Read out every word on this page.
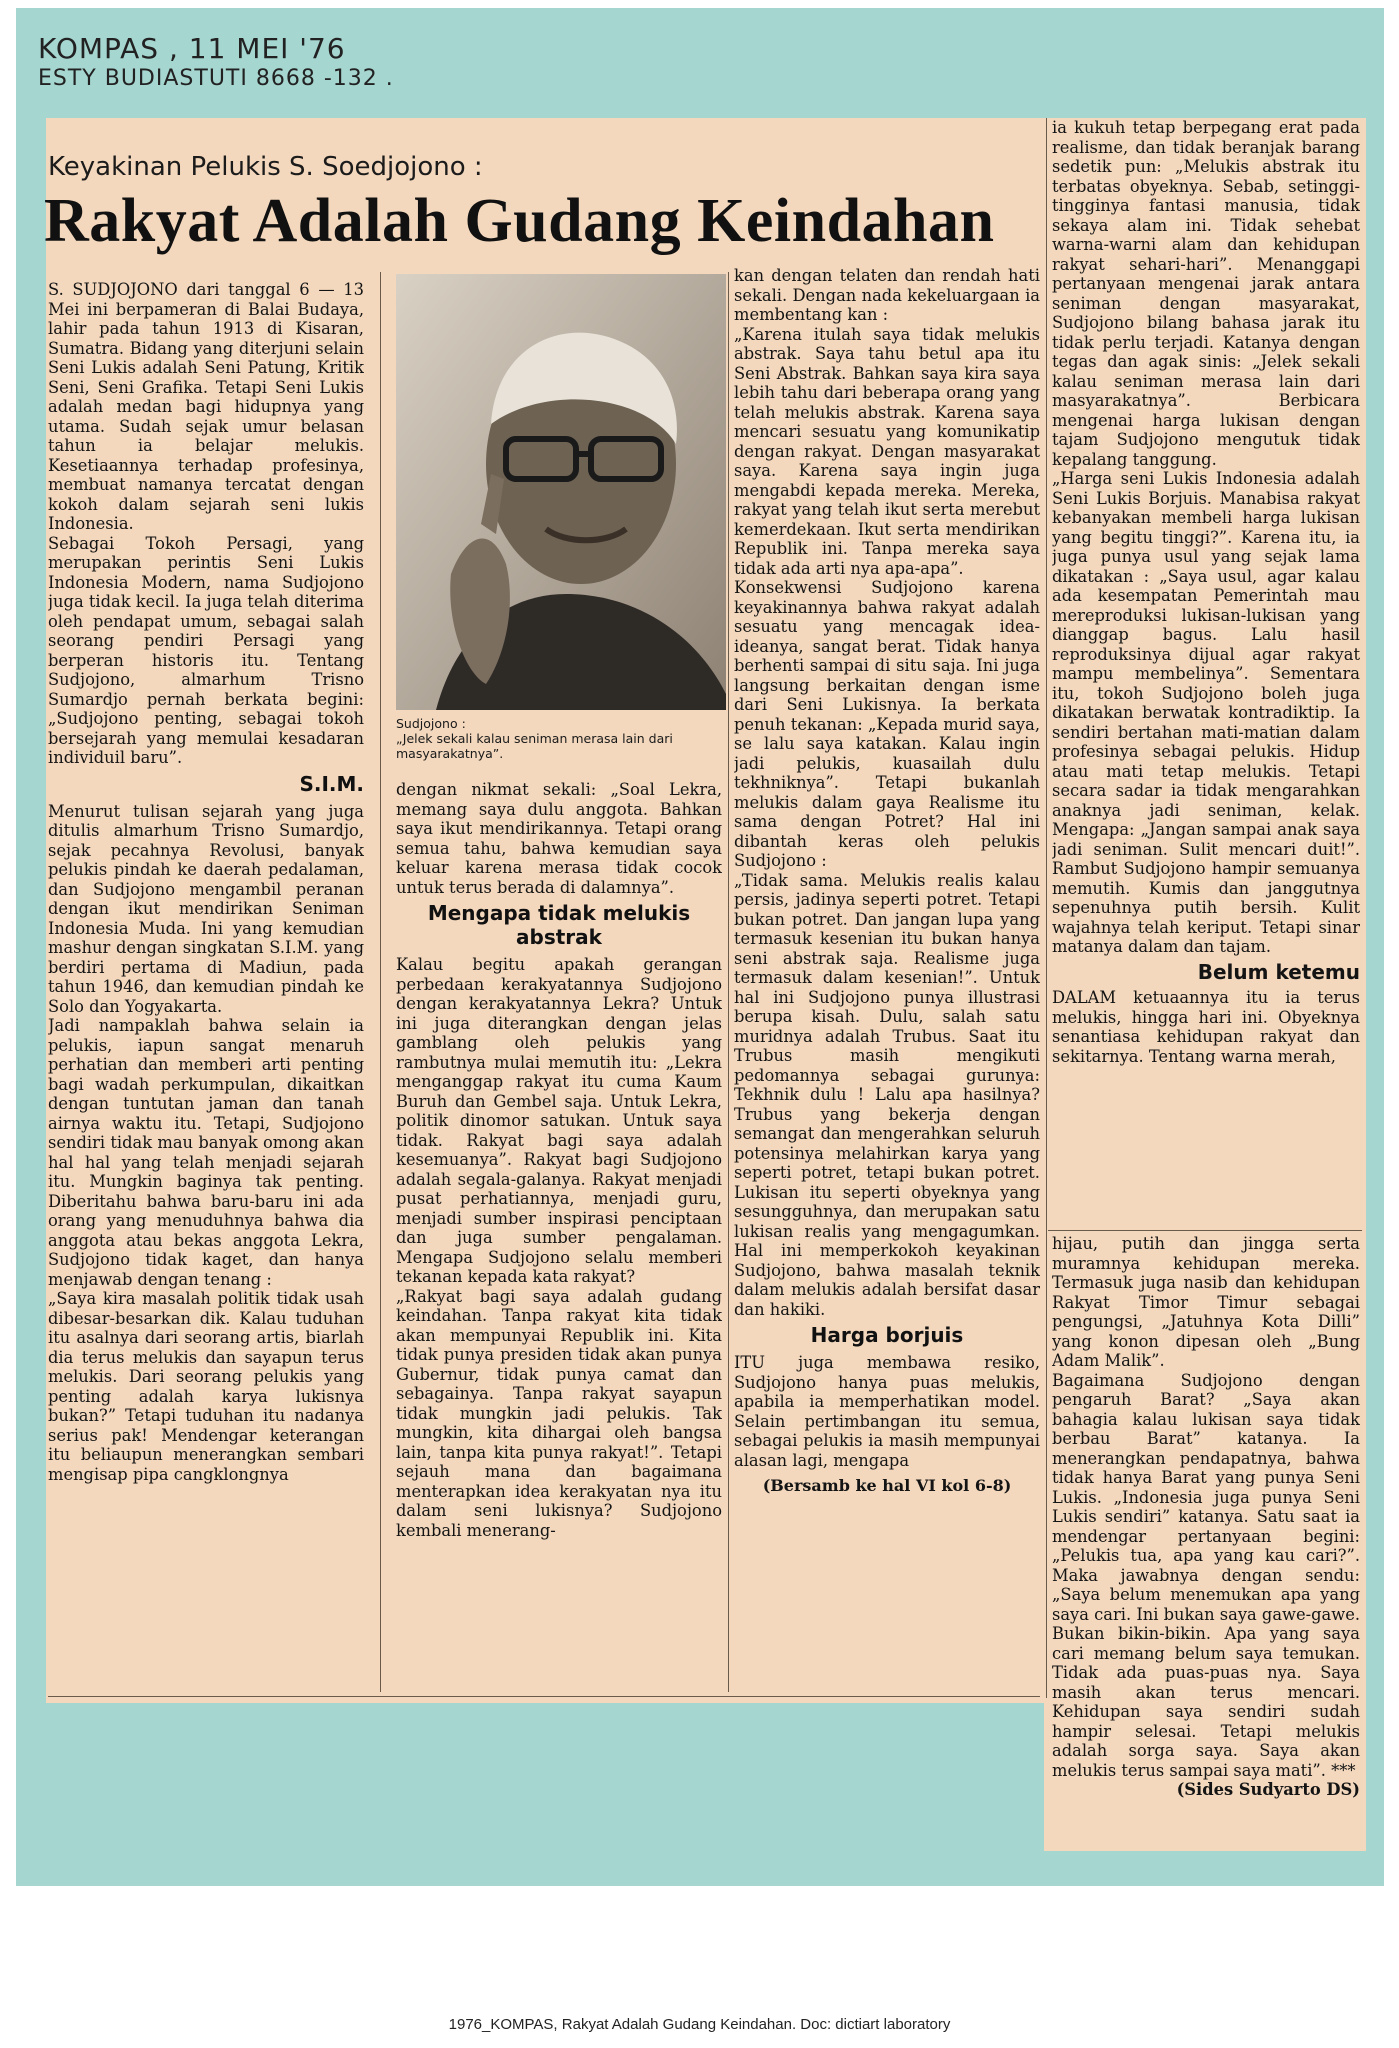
KOMPAS , 11 MEI '76
ESTY BUDIASTUTI 8668 -132 .
Keyakinan Pelukis S. Soedjojono :
Rakyat Adalah Gudang Keindahan
Sudjojono :
„Jelek sekali kalau seniman merasa lain dari masyarakatnya”.

S. SUDJOJONO dari tanggal 6 — 13 Mei ini berpameran di Balai Budaya, lahir pada tahun 1913 di Kisaran, Sumatra. Bidang yang diterjuni selain Seni Lukis adalah Seni Patung, Kritik Seni, Seni Grafika. Tetapi Seni Lukis adalah medan bagi hidupnya yang utama. Sudah sejak umur belasan tahun ia belajar melukis. Kesetiaannya terhadap profesinya, membuat namanya tercatat dengan kokoh dalam sejarah seni lukis Indonesia.

Sebagai Tokoh Persagi, yang merupakan perintis Seni Lukis Indonesia Modern, nama Sudjojono juga tidak kecil. Ia juga telah diterima oleh pendapat umum, sebagai salah seorang pendiri Persagi yang berperan historis itu. Tentang Sudjojono, almarhum Trisno Sumardjo pernah berkata begini: „Sudjojono penting, sebagai tokoh bersejarah yang memulai kesadaran individuil baru”.

S.I.M.

Menurut tulisan sejarah yang juga ditulis almarhum Trisno Sumardjo, sejak pecahnya Revolusi, banyak pelukis pindah ke daerah pedalaman, dan Sudjojono mengambil peranan dengan ikut mendirikan Seniman Indonesia Muda. Ini yang kemudian mashur dengan singkatan S.I.M. yang berdiri pertama di Madiun, pada tahun 1946, dan kemudian pindah ke Solo dan Yogyakarta.

Jadi nampaklah bahwa selain ia pelukis, iapun sangat menaruh perhatian dan memberi arti penting bagi wadah perkumpulan, dikaitkan dengan tuntutan jaman dan tanah airnya waktu itu. Tetapi, Sudjojono sendiri tidak mau banyak omong akan hal hal yang telah menjadi sejarah itu. Mungkin baginya tak penting. Diberitahu bahwa baru-baru ini ada orang yang menuduhnya bahwa dia anggota atau bekas anggota Lekra, Sudjojono tidak kaget, dan hanya menjawab dengan tenang :

„Saya kira masalah politik tidak usah dibesar-besarkan dik. Kalau tuduhan itu asalnya dari seorang artis, biarlah dia terus melukis dan sayapun terus melukis. Dari seorang pelukis yang penting adalah karya lukisnya bukan?” Tetapi tuduhan itu nadanya serius pak! Mendengar keterangan itu beliaupun menerangkan sembari mengisap pipa cangklongnya

dengan nikmat sekali: „Soal Lekra, memang saya dulu anggota. Bahkan saya ikut mendirikannya. Tetapi orang semua tahu, bahwa kemudian saya keluar karena merasa tidak cocok untuk terus berada di dalamnya”.

Mengapa tidak melukis abstrak

Kalau begitu apakah gerangan perbedaan kerakyatannya Sudjojono dengan kerakyatannya Lekra? Untuk ini juga diterangkan dengan jelas gamblang oleh pelukis yang rambutnya mulai memutih itu: „Lekra menganggap rakyat itu cuma Kaum Buruh dan Gembel saja. Untuk Lekra, politik dinomor satukan. Untuk saya tidak. Rakyat bagi saya adalah kesemuanya”. Rakyat bagi Sudjojono adalah segala-galanya. Rakyat menjadi pusat perhatiannya, menjadi guru, menjadi sumber inspirasi penciptaan dan juga sumber pengalaman. Mengapa Sudjojono selalu memberi tekanan kepada kata rakyat?

„Rakyat bagi saya adalah gudang keindahan. Tanpa rakyat kita tidak akan mempunyai Republik ini. Kita tidak punya presiden tidak akan punya Gubernur, tidak punya camat dan sebagainya. Tanpa rakyat sayapun tidak mungkin jadi pelukis. Tak mungkin, kita dihargai oleh bangsa lain, tanpa kita punya rakyat!”. Tetapi sejauh mana dan bagaimana menterapkan idea kerakyatan nya itu dalam seni lukisnya? Sudjojono kembali menerang-

kan dengan telaten dan rendah hati sekali. Dengan nada kekeluargaan ia membentang kan :

„Karena itulah saya tidak melukis abstrak. Saya tahu betul apa itu Seni Abstrak. Bahkan saya kira saya lebih tahu dari beberapa orang yang telah melukis abstrak. Karena saya mencari sesuatu yang komunikatip dengan rakyat. Dengan masyarakat saya. Karena saya ingin juga mengabdi kepada mereka. Mereka, rakyat yang telah ikut serta merebut kemerdekaan. Ikut serta mendirikan Republik ini. Tanpa mereka saya tidak ada arti nya apa-apa”.

Konsekwensi Sudjojono karena keyakinannya bahwa rakyat adalah sesuatu yang mencagak idea-ideanya, sangat berat. Tidak hanya berhenti sampai di situ saja. Ini juga langsung berkaitan dengan isme dari Seni Lukisnya. Ia berkata penuh tekanan: „Kepada murid saya, se lalu saya katakan. Kalau ingin jadi pelukis, kuasailah dulu tekhniknya”. Tetapi bukanlah melukis dalam gaya Realisme itu sama dengan Potret? Hal ini dibantah keras oleh pelukis Sudjojono :

„Tidak sama. Melukis realis kalau persis, jadinya seperti potret. Tetapi bukan potret. Dan jangan lupa yang termasuk kesenian itu bukan hanya seni abstrak saja. Realisme juga termasuk dalam kesenian!”. Untuk hal ini Sudjojono punya illustrasi berupa kisah. Dulu, salah satu muridnya adalah Trubus. Saat itu Trubus masih mengikuti pedomannya sebagai gurunya: Tekhnik dulu ! Lalu apa hasilnya? Trubus yang bekerja dengan semangat dan mengerahkan seluruh potensinya melahirkan karya yang seperti potret, tetapi bukan potret. Lukisan itu seperti obyeknya yang sesungguhnya, dan merupakan satu lukisan realis yang mengagumkan. Hal ini memperkokoh keyakinan Sudjojono, bahwa masalah teknik dalam melukis adalah bersifat dasar dan hakiki.

Harga borjuis

ITU juga membawa resiko, Sudjojono hanya puas melukis, apabila ia memperhatikan model. Selain pertimbangan itu semua, sebagai pelukis ia masih mempunyai alasan lagi, mengapa

(Bersamb ke hal VI kol 6-8)

ia kukuh tetap berpegang erat pada realisme, dan tidak beranjak barang sedetik pun: „Melukis abstrak itu terbatas obyeknya. Sebab, setinggi-tingginya fantasi manusia, tidak sekaya alam ini. Tidak sehebat warna-warni alam dan kehidupan rakyat sehari-hari”. Menanggapi pertanyaan mengenai jarak antara seniman dengan masyarakat, Sudjojono bilang bahasa jarak itu tidak perlu terjadi. Katanya dengan tegas dan agak sinis: „Jelek sekali kalau seniman merasa lain dari masyarakatnya”. Berbicara mengenai harga lukisan dengan tajam Sudjojono mengutuk tidak kepalang tanggung.

„Harga seni Lukis Indonesia adalah Seni Lukis Borjuis. Manabisa rakyat kebanyakan membeli harga lukisan yang begitu tinggi?”. Karena itu, ia juga punya usul yang sejak lama dikatakan : „Saya usul, agar kalau ada kesempatan Pemerintah mau mereproduksi lukisan-lukisan yang dianggap bagus. Lalu hasil reproduksinya dijual agar rakyat mampu membelinya”. Sementara itu, tokoh Sudjojono boleh juga dikatakan berwatak kontradiktip. Ia sendiri bertahan mati-matian dalam profesinya sebagai pelukis. Hidup atau mati tetap melukis. Tetapi secara sadar ia tidak mengarahkan anaknya jadi seniman, kelak. Mengapa: „Jangan sampai anak saya jadi seniman. Sulit mencari duit!”. Rambut Sudjojono hampir semuanya memutih. Kumis dan janggutnya sepenuhnya putih bersih. Kulit wajahnya telah keriput. Tetapi sinar matanya dalam dan tajam.

Belum ketemu

DALAM ketuaannya itu ia terus melukis, hingga hari ini. Obyeknya senantiasa kehidupan rakyat dan sekitarnya. Tentang warna merah,

hijau, putih dan jingga serta muramnya kehidupan mereka. Termasuk juga nasib dan kehidupan Rakyat Timor Timur sebagai pengungsi, „Jatuhnya Kota Dilli” yang konon dipesan oleh „Bung Adam Malik”.

Bagaimana Sudjojono dengan pengaruh Barat? „Saya akan bahagia kalau lukisan saya tidak berbau Barat” katanya. Ia menerangkan pendapatnya, bahwa tidak hanya Barat yang punya Seni Lukis. „Indonesia juga punya Seni Lukis sendiri” katanya. Satu saat ia mendengar pertanyaan begini: „Pelukis tua, apa yang kau cari?”. Maka jawabnya dengan sendu: „Saya belum menemukan apa yang saya cari. Ini bukan saya gawe-gawe. Bukan bikin-bikin. Apa yang saya cari memang belum saya temukan. Tidak ada puas-puas nya. Saya masih akan terus mencari. Kehidupan saya sendiri sudah hampir selesai. Tetapi melukis adalah sorga saya. Saya akan melukis terus sampai saya mati”. ***

(Sides Sudyarto DS)

1976_KOMPAS, Rakyat Adalah Gudang Keindahan. Doc: dictiart laboratory
